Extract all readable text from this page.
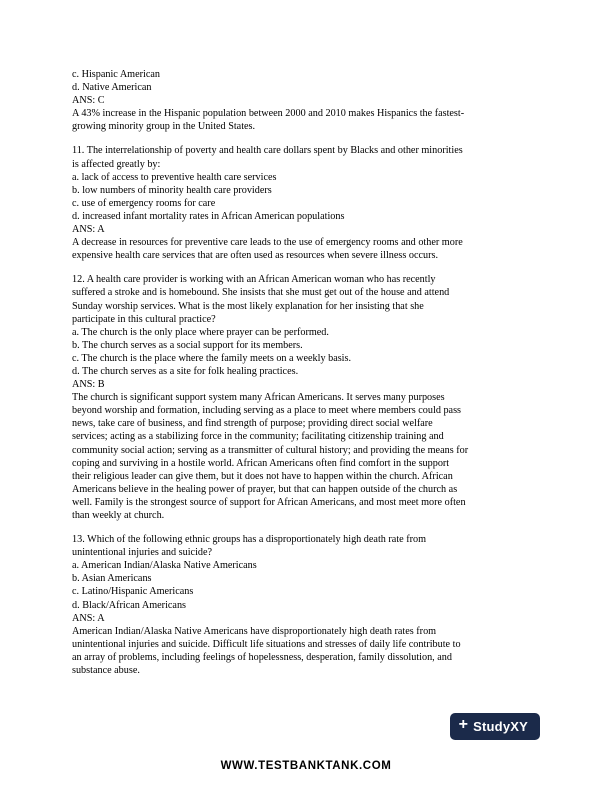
c. Hispanic American
d. Native American
ANS: C
A 43% increase in the Hispanic population between 2000 and 2010 makes Hispanics the fastest-
growing minority group in the United States.
11. The interrelationship of poverty and health care dollars spent by Blacks and other minorities
is affected greatly by:
a. lack of access to preventive health care services
b. low numbers of minority health care providers
c. use of emergency rooms for care
d. increased infant mortality rates in African American populations
ANS: A
A decrease in resources for preventive care leads to the use of emergency rooms and other more
expensive health care services that are often used as resources when severe illness occurs.
12. A health care provider is working with an African American woman who has recently
suffered a stroke and is homebound. She insists that she must get out of the house and attend
Sunday worship services. What is the most likely explanation for her insisting that she
participate in this cultural practice?
a. The church is the only place where prayer can be performed.
b. The church serves as a social support for its members.
c. The church is the place where the family meets on a weekly basis.
d. The church serves as a site for folk healing practices.
ANS: B
The church is significant support system many African Americans. It serves many purposes
beyond worship and formation, including serving as a place to meet where members could pass
news, take care of business, and find strength of purpose; providing direct social welfare
services; acting as a stabilizing force in the community; facilitating citizenship training and
community social action; serving as a transmitter of cultural history; and providing the means for
coping and surviving in a hostile world. African Americans often find comfort in the support
their religious leader can give them, but it does not have to happen within the church. African
Americans believe in the healing power of prayer, but that can happen outside of the church as
well. Family is the strongest source of support for African Americans, and most meet more often
than weekly at church.
13. Which of the following ethnic groups has a disproportionately high death rate from
unintentional injuries and suicide?
a. American Indian/Alaska Native Americans
b. Asian Americans
c. Latino/Hispanic Americans
d. Black/African Americans
ANS: A
American Indian/Alaska Native Americans have disproportionately high death rates from
unintentional injuries and suicide. Difficult life situations and stresses of daily life contribute to
an array of problems, including feelings of hopelessness, desperation, family dissolution, and
substance abuse.
+ StudyXY
WWW.TESTBANKTANK.COM
